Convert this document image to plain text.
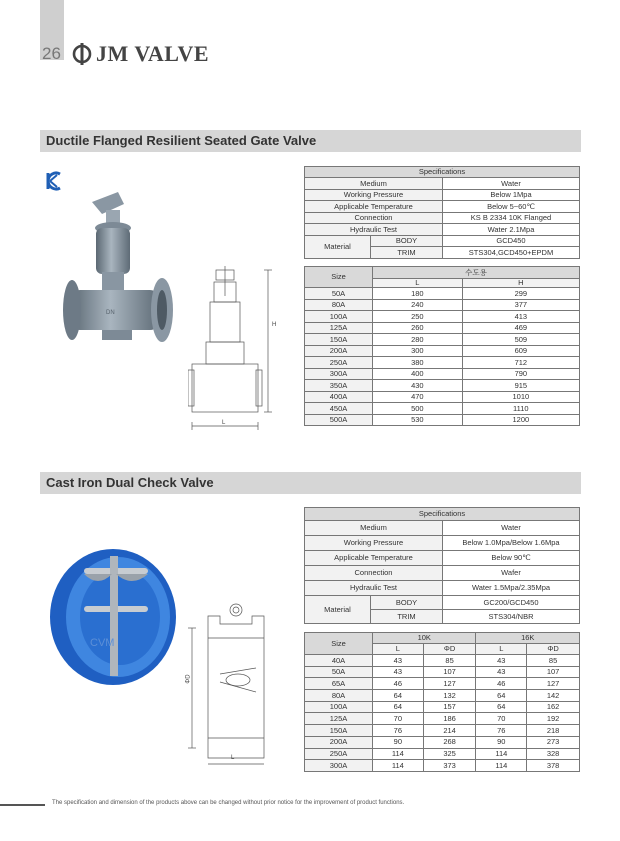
26 JM VALVE
Ductile Flanged Resilient Seated Gate Valve
DN
H
L
Specifications		
Medium		Water
Working Pressure		Below 1Mpa
Applicable Temperature		Below 5~60℃
Connection		KS B 2334 10K Flanged
Hydraulic Test		Water 2.1Mpa
Material	BODY	GCD450
	TRIM	STS304,GCD450+EPDM
Size	수도용	
	L	H
50A	180	299
80A	240	377
100A	250	413
125A	260	469
150A	280	509
200A	300	609
250A	380	712
300A	400	790
350A	430	915
400A	470	1010
450A	500	1110
500A	530	1200
Cast Iron Dual Check Valve
CVM
ΦD
L
Specifications		
Medium		Water
Working Pressure		Below 1.0Mpa/Below 1.6Mpa
Applicable Temperature		Below 90℃
Connection		Wafer
Hydraulic Test		Water 1.5Mpa/2.35Mpa
Material	BODY	GC200/GCD450
	TRIM	STS304/NBR
Size	10K		16K	
	L	ΦD	L	ΦD
40A	43	85	43	85
50A	43	107	43	107
65A	46	127	46	127
80A	64	132	64	142
100A	64	157	64	162
125A	70	186	70	192
150A	76	214	76	218
200A	90	268	90	273
250A	114	325	114	328
300A	114	373	114	378
The specification and dimension of the products above can be changed without prior notice for the improvement of product functions.
